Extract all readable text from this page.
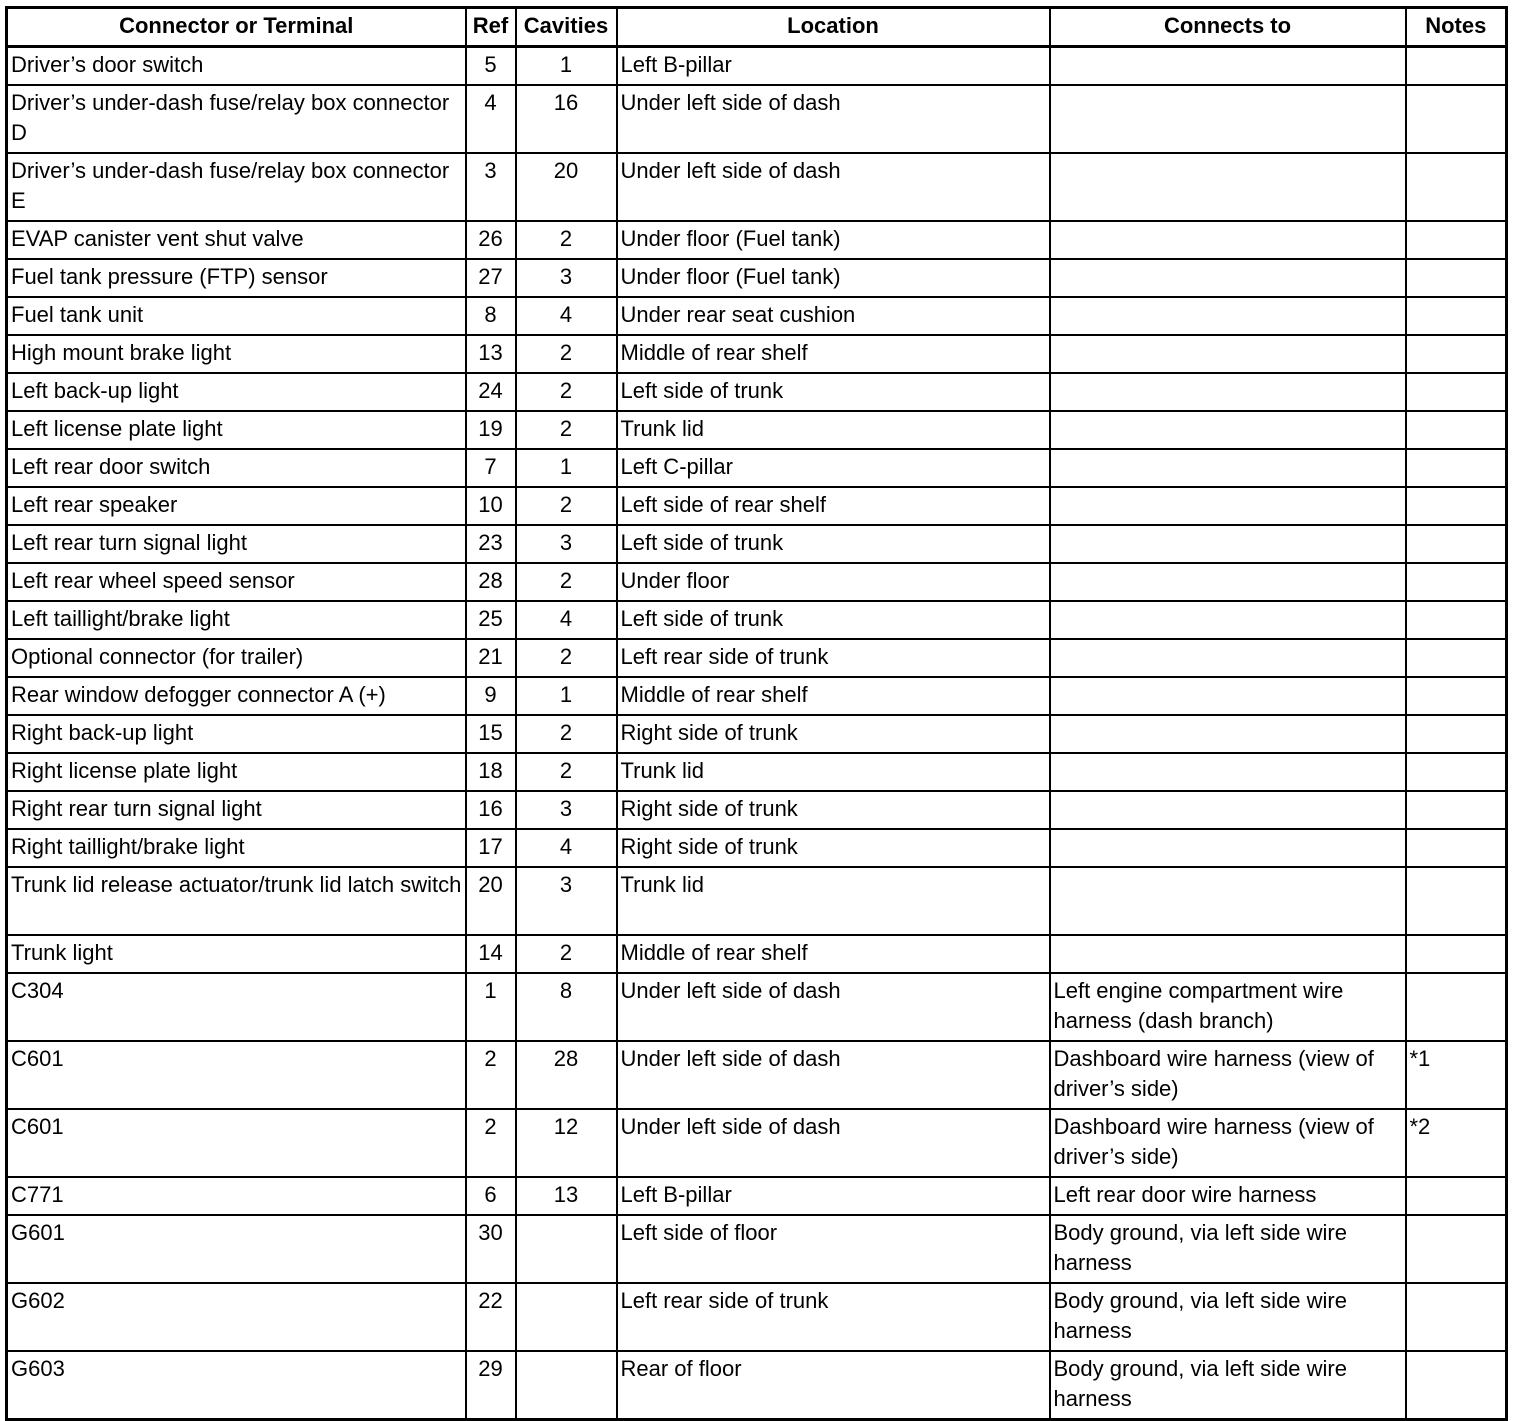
Connector or Terminal	Ref	Cavities	Location	Connects to	Notes
Driver’s door switch	5	1	Left B-pillar		
Driver’s under-dash fuse/relay box connector D	4	16	Under left side of dash		
Driver’s under-dash fuse/relay box connector E	3	20	Under left side of dash		
EVAP canister vent shut valve	26	2	Under floor (Fuel tank)		
Fuel tank pressure (FTP) sensor	27	3	Under floor (Fuel tank)		
Fuel tank unit	8	4	Under rear seat cushion		
High mount brake light	13	2	Middle of rear shelf		
Left back-up light	24	2	Left side of trunk		
Left license plate light	19	2	Trunk lid		
Left rear door switch	7	1	Left C-pillar		
Left rear speaker	10	2	Left side of rear shelf		
Left rear turn signal light	23	3	Left side of trunk		
Left rear wheel speed sensor	28	2	Under floor		
Left taillight/brake light	25	4	Left side of trunk		
Optional connector (for trailer)	21	2	Left rear side of trunk		
Rear window defogger connector A (+)	9	1	Middle of rear shelf		
Right back-up light	15	2	Right side of trunk		
Right license plate light	18	2	Trunk lid		
Right rear turn signal light	16	3	Right side of trunk		
Right taillight/brake light	17	4	Right side of trunk		
Trunk lid release actuator/trunk lid latch switch	20	3	Trunk lid		
Trunk light	14	2	Middle of rear shelf		
C304	1	8	Under left side of dash	Left engine compartment wire harness (dash branch)	
C601	2	28	Under left side of dash	Dashboard wire harness (view of driver’s side)	*1
C601	2	12	Under left side of dash	Dashboard wire harness (view of driver’s side)	*2
C771	6	13	Left B-pillar	Left rear door wire harness	
G601	30		Left side of floor	Body ground, via left side wire harness	
G602	22		Left rear side of trunk	Body ground, via left side wire harness	
G603	29		Rear of floor	Body ground, via left side wire harness	
